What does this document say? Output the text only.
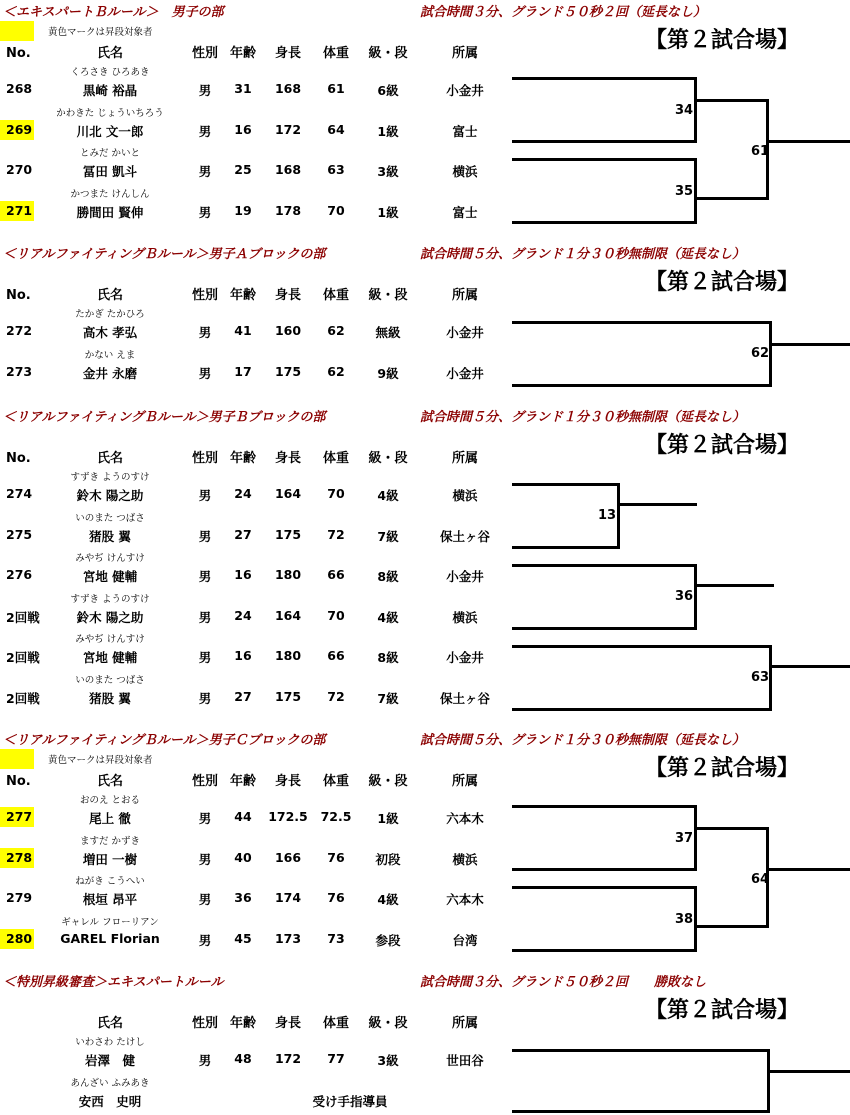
＜エキスパートＢルール＞　男子の部	試合時間３分、グランド５０秒２回（延長なし）
【第２試合場】
黄色マークは昇段対象者
No.	氏名	性別 年齢	身長	体重	級・段	所属
くろさき ひろあき
268	黒崎 裕晶	男	31	168	61	6級	小金井
かわきた じょういちろう
269	川北 文一郎	男	16	172	64	1級	富士
とみだ かいと
270	冨田 凱斗	男	25	168	63	3級	横浜
かつまた けんしん
271	勝間田 賢伸	男	19	178	70	1級	富士
＜リアルファイティングＢルール＞男子Ａブロックの部	試合時間５分、グランド１分３０秒無制限（延長なし）
【第２試合場】
No.	氏名	性別 年齢	身長	体重	級・段	所属
たかぎ たかひろ
272	高木 孝弘	男	41	160	62	無級	小金井
かない えま
273	金井 永磨	男	17	175	62	9級	小金井
＜リアルファイティングＢルール＞男子Ｂブロックの部	試合時間５分、グランド１分３０秒無制限（延長なし）
【第２試合場】
No.	氏名	性別 年齢	身長	体重	級・段	所属
すずき ようのすけ
274	鈴木 陽之助	男	24	164	70	4級	横浜
いのまた つばさ
275	猪股 翼	男	27	175	72	7級	保土ヶ谷
みやぢ けんすけ
276	宮地 健輔	男	16	180	66	8級	小金井
すずき ようのすけ
2回戦	鈴木 陽之助	男	24	164	70	4級	横浜
みやぢ けんすけ
2回戦	宮地 健輔	男	16	180	66	8級	小金井
いのまた つばさ
2回戦	猪股 翼	男	27	175	72	7級	保土ヶ谷
＜リアルファイティングＢルール＞男子Ｃブロックの部	試合時間５分、グランド１分３０秒無制限（延長なし）
【第２試合場】
黄色マークは昇段対象者
No.	氏名	性別 年齢	身長	体重	級・段	所属
おのえ とおる
277	尾上 徹	男	44	172.5	72.5	1級	六本木
ますだ かずき
278	増田 一樹	男	40	166	76	初段	横浜
ねがき こうへい
279	根垣 昂平	男	36	174	76	4級	六本木
ギャレル フローリアン
280	GAREL Florian	男	45	173	73	参段	台湾
＜特別昇級審査＞エキスパートルール	試合時間３分、グランド５０秒２回　　勝敗なし
【第２試合場】
氏名	性別 年齢	身長	体重	級・段	所属
いわさわ たけし
岩澤　健	男	48	172	77	3級	世田谷
あんざい ふみあき
安西　史明	受け手指導員
34
35
61
62
13
36
63
37
38
64
